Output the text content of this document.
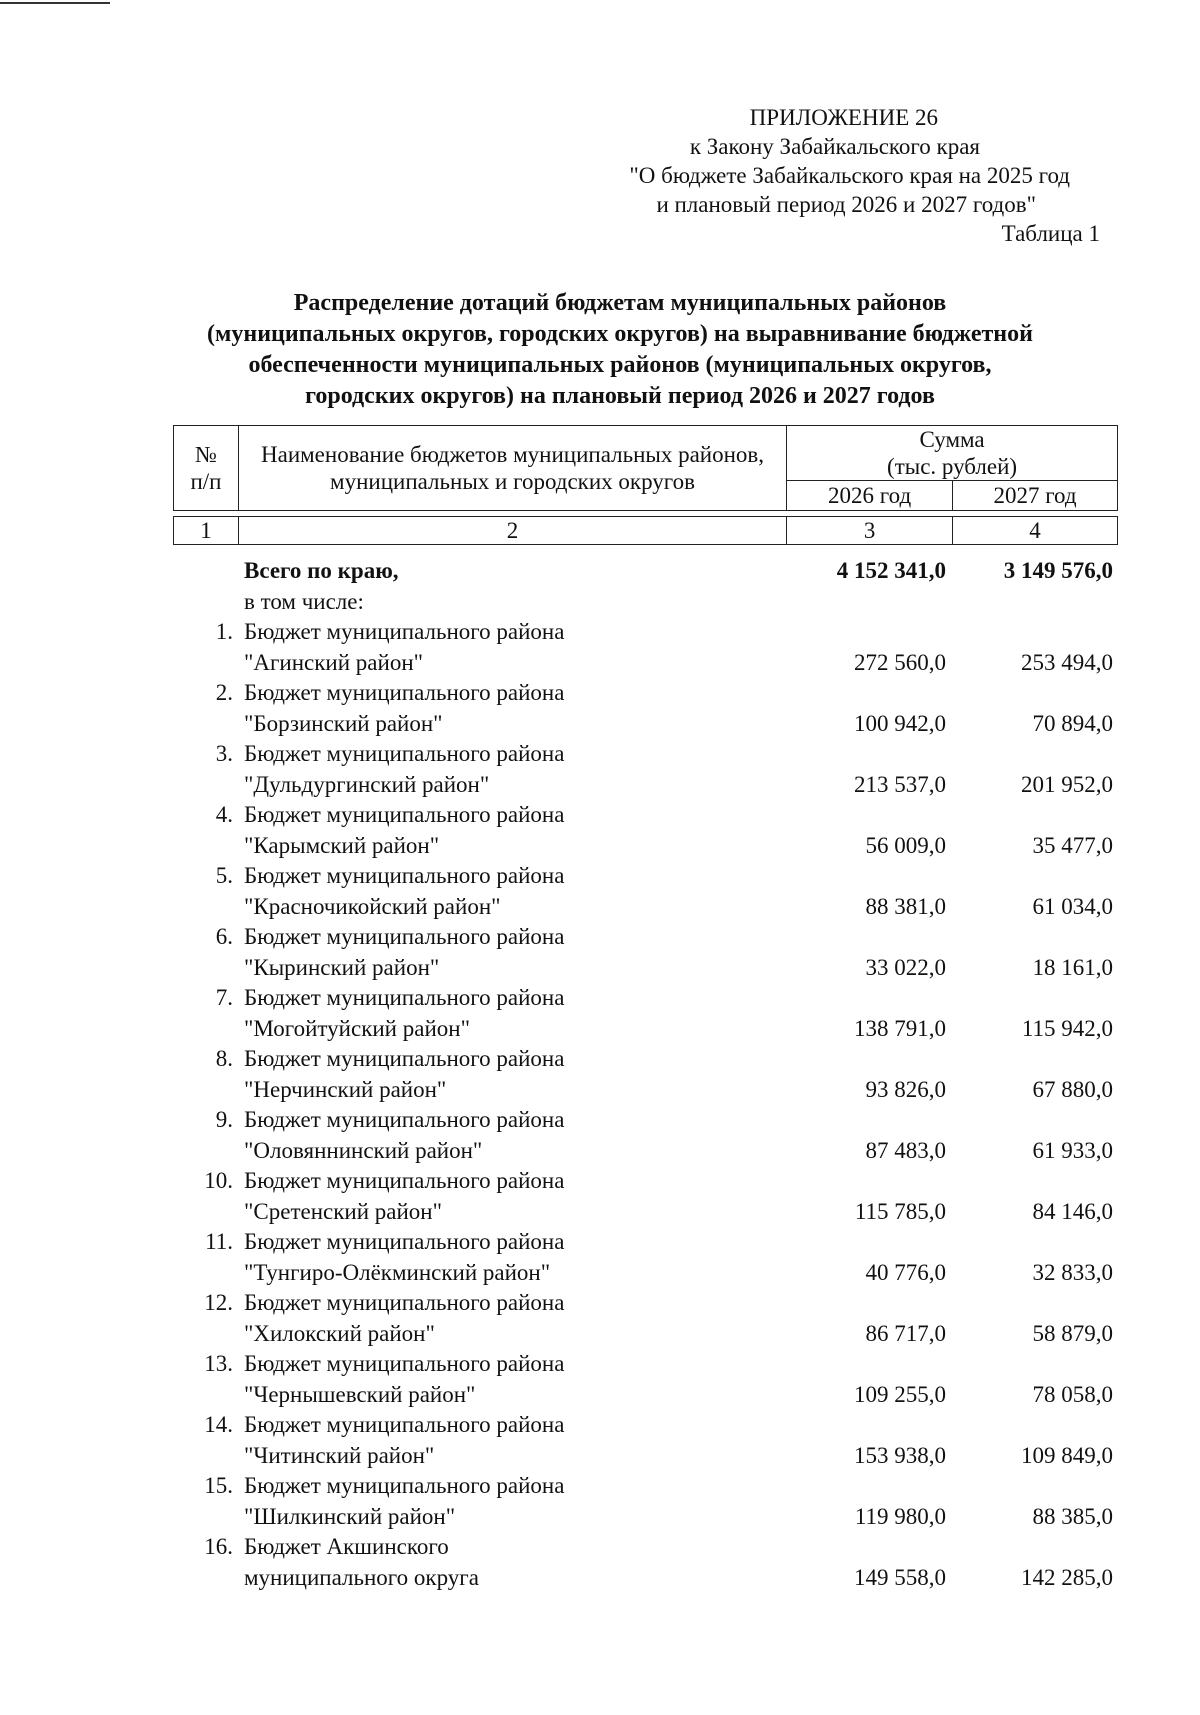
ПРИЛОЖЕНИЕ 26
к Закону Забайкальского края
"О бюджете Забайкальского края на 2025 год
и плановый период 2026 и 2027 годов"
Таблица 1
Распределение дотаций бюджетам муниципальных районов
(муниципальных округов, городских округов) на выравнивание бюджетной
обеспеченности муниципальных районов (муниципальных округов,
городских округов) на плановый период 2026 и 2027 годов
№
п/п	Наименование бюджетов муниципальных районов, муниципальных и городских округов	Сумма
(тыс. рублей)	
		2026 год	2027 год

1	2	3	4
Всего по краю,	4 152 341,0	3 149 576,0
в том числе:
1. Бюджет муниципального района
"Агинский район"	272 560,0	253 494,0
2. Бюджет муниципального района
"Борзинский район"	100 942,0	70 894,0
3. Бюджет муниципального района
"Дульдургинский район"	213 537,0	201 952,0
4. Бюджет муниципального района
"Карымский район"	56 009,0	35 477,0
5. Бюджет муниципального района
"Красночикойский район"	88 381,0	61 034,0
6. Бюджет муниципального района
"Кыринский район"	33 022,0	18 161,0
7. Бюджет муниципального района
"Могойтуйский район"	138 791,0	115 942,0
8. Бюджет муниципального района
"Нерчинский район"	93 826,0	67 880,0
9. Бюджет муниципального района
"Оловяннинский район"	87 483,0	61 933,0
10. Бюджет муниципального района
"Сретенский район"	115 785,0	84 146,0
11. Бюджет муниципального района
"Тунгиро-Олёкминский район"	40 776,0	32 833,0
12. Бюджет муниципального района
"Хилокский район"	86 717,0	58 879,0
13. Бюджет муниципального района
"Чернышевский район"	109 255,0	78 058,0
14. Бюджет муниципального района
"Читинский район"	153 938,0	109 849,0
15. Бюджет муниципального района
"Шилкинский район"	119 980,0	88 385,0
16. Бюджет Акшинского
муниципального округа	149 558,0	142 285,0
